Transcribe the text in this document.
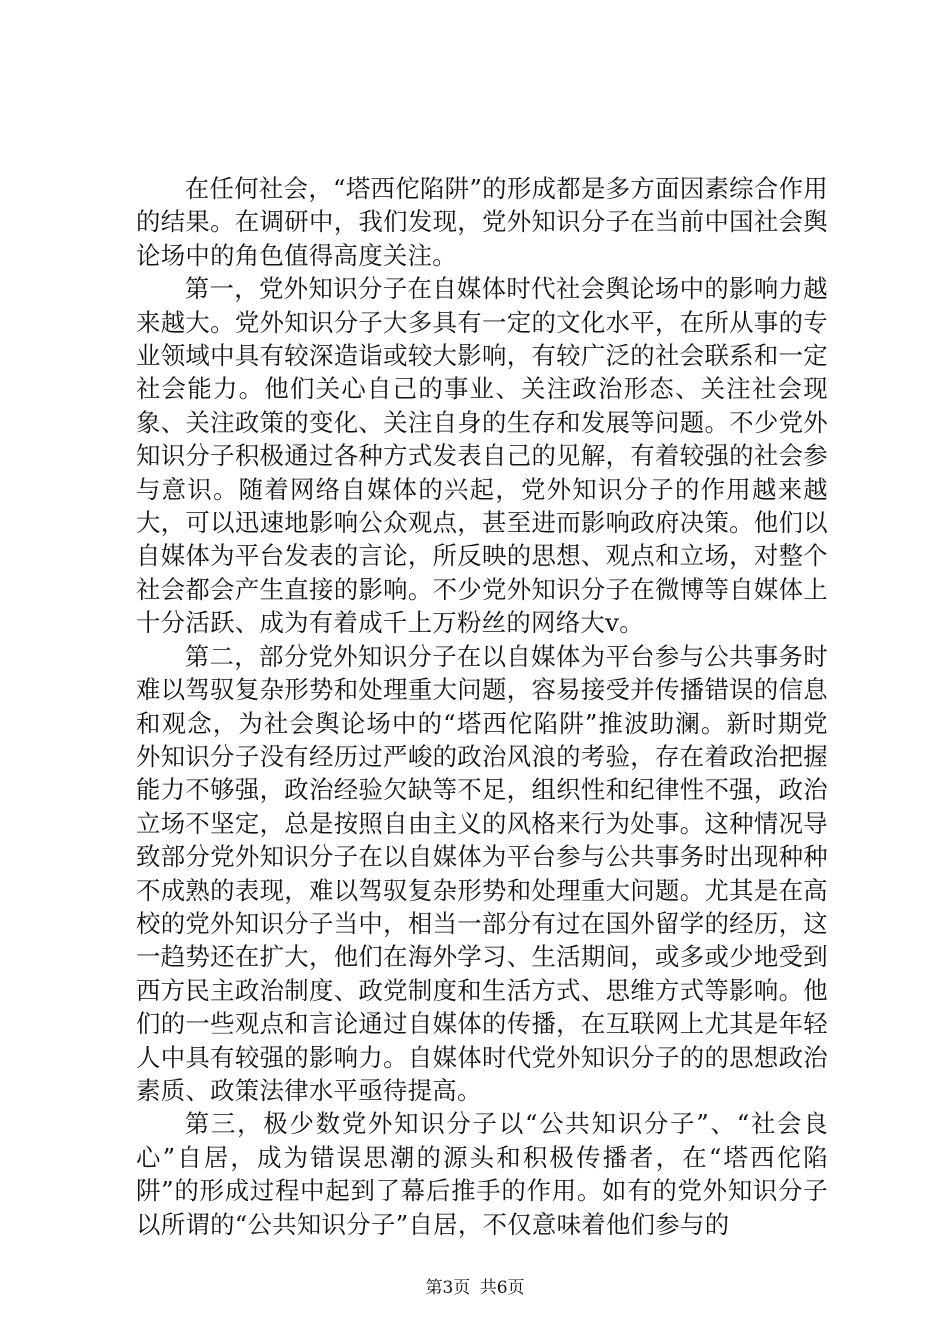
在任何社会，“塔西佗陷阱”的形成都是多方面因素综合作用的结果。在调研中，我们发现，党外知识分子在当前中国社会舆论场中的角色值得高度关注。

第一，党外知识分子在自媒体时代社会舆论场中的影响力越来越大。党外知识分子大多具有一定的文化水平，在所从事的专业领域中具有较深造诣或较大影响，有较广泛的社会联系和一定社会能力。他们关心自己的事业、关注政治形态、关注社会现象、关注政策的变化、关注自身的生存和发展等问题。不少党外知识分子积极通过各种方式发表自己的见解，有着较强的社会参与意识。随着网络自媒体的兴起，党外知识分子的作用越来越大，可以迅速地影响公众观点，甚至进而影响政府决策。他们以自媒体为平台发表的言论，所反映的思想、观点和立场，对整个社会都会产生直接的影响。不少党外知识分子在微博等自媒体上十分活跃、成为有着成千上万粉丝的网络大v。

第二，部分党外知识分子在以自媒体为平台参与公共事务时难以驾驭复杂形势和处理重大问题，容易接受并传播错误的信息和观念，为社会舆论场中的“塔西佗陷阱”推波助澜。新时期党外知识分子没有经历过严峻的政治风浪的考验，存在着政治把握能力不够强，政治经验欠缺等不足，组织性和纪律性不强，政治立场不坚定，总是按照自由主义的风格来行为处事。这种情况导致部分党外知识分子在以自媒体为平台参与公共事务时出现种种不成熟的表现，难以驾驭复杂形势和处理重大问题。尤其是在高校的党外知识分子当中，相当一部分有过在国外留学的经历，这一趋势还在扩大，他们在海外学习、生活期间，或多或少地受到西方民主政治制度、政党制度和生活方式、思维方式等影响。他们的一些观点和言论通过自媒体的传播，在互联网上尤其是年轻人中具有较强的影响力。自媒体时代党外知识分子的的思想政治素质、政策法律水平亟待提高。

第三，极少数党外知识分子以“公共知识分子”、“社会良心”自居，成为错误思潮的源头和积极传播者，在“塔西佗陷阱”的形成过程中起到了幕后推手的作用。如有的党外知识分子以所谓的“公共知识分子”自居，不仅意味着他们参与的

第3页 共6页
